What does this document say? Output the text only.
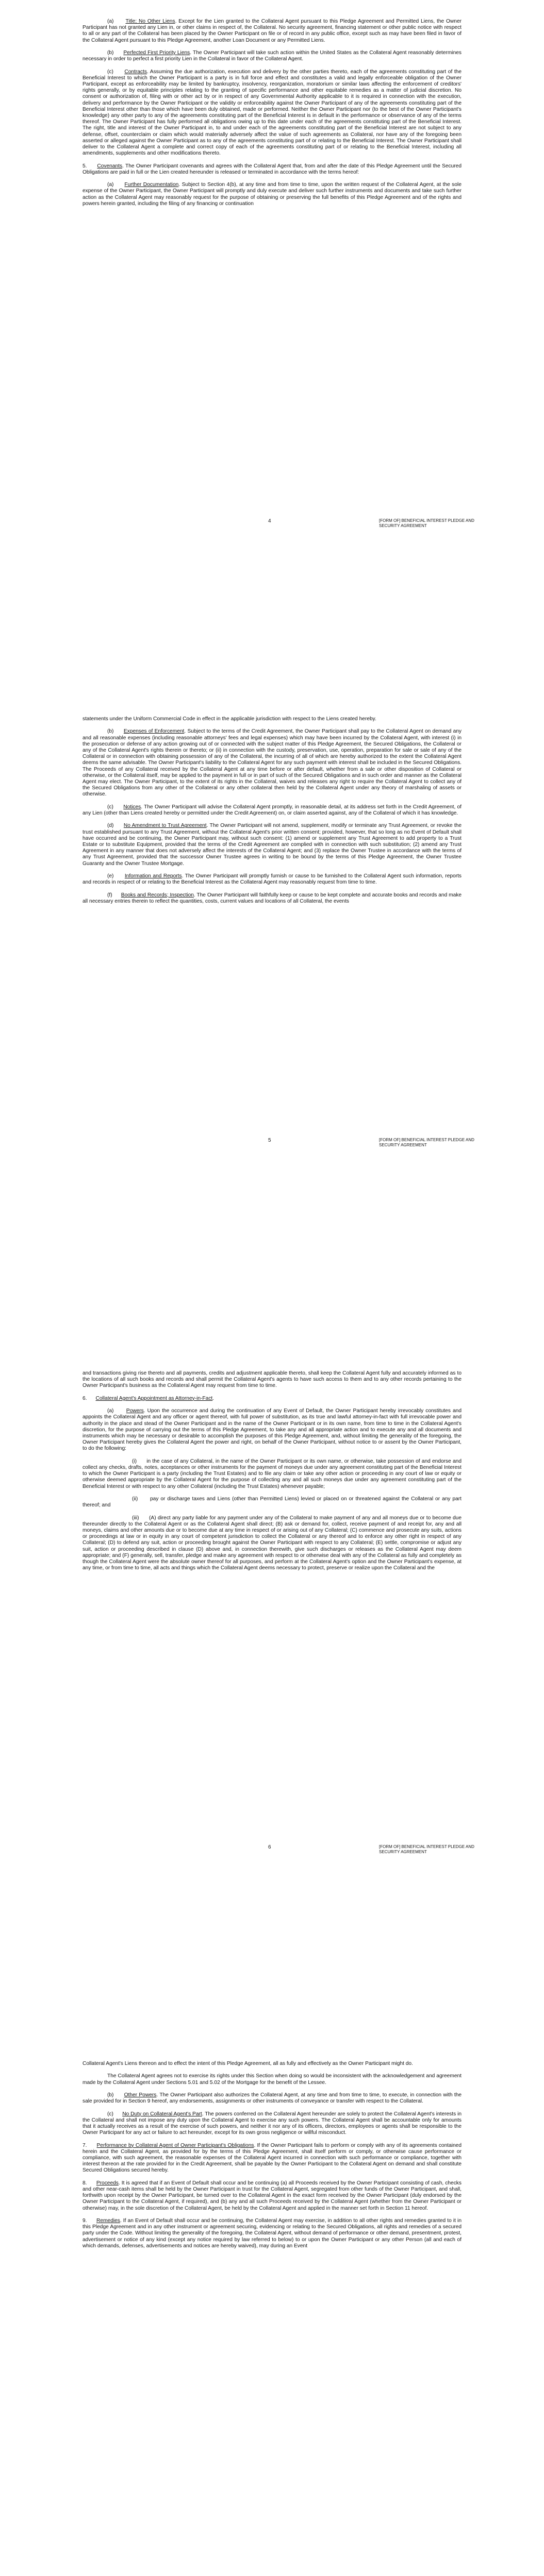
(a) Title; No Other Liens. Except for the Lien granted to the Collateral Agent pursuant to this Pledge Agreement and Permitted Liens, the Owner Participant has not granted any Lien in, or other claims in respect of, the Collateral. No security agreement, financing statement or other public notice with respect to all or any part of the Collateral has been placed by the Owner Participant on file or of record in any public office, except such as may have been filed in favor of the Collateral Agent pursuant to this Pledge Agreement, another Loan Document or any Permitted Liens.

(b) Perfected First Priority Liens. The Owner Participant will take such action within the United States as the Collateral Agent reasonably determines necessary in order to perfect a first priority Lien in the Collateral in favor of the Collateral Agent.

(c) Contracts. Assuming the due authorization, execution and delivery by the other parties thereto, each of the agreements constituting part of the Beneficial Interest to which the Owner Participant is a party is in full force and effect and constitutes a valid and legally enforceable obligation of the Owner Participant, except as enforceability may be limited by bankruptcy, insolvency, reorganization, moratorium or similar laws affecting the enforcement of creditors' rights generally, or by equitable principles relating to the granting of specific performance and other equitable remedies as a matter of judicial discretion. No consent or authorization of, filing with or other act by or in respect of any Governmental Authority applicable to it is required in connection with the execution, delivery and performance by the Owner Participant or the validity or enforceability against the Owner Participant of any of the agreements constituting part of the Beneficial Interest other than those which have been duly obtained, made or performed. Neither the Owner Participant nor (to the best of the Owner Participant's knowledge) any other party to any of the agreements constituting part of the Beneficial Interest is in default in the performance or observance of any of the terms thereof. The Owner Participant has fully performed all obligations owing up to this date under each of the agreements constituting part of the Beneficial Interest. The right, title and interest of the Owner Participant in, to and under each of the agreements constituting part of the Beneficial Interest are not subject to any defense, offset, counterclaim or claim which would materially adversely affect the value of such agreements as Collateral, nor have any of the foregoing been asserted or alleged against the Owner Participant as to any of the agreements constituting part of or relating to the Beneficial Interest. The Owner Participant shall deliver to the Collateral Agent a complete and correct copy of each of the agreements constituting part of or relating to the Beneficial Interest, including all amendments, supplements and other modifications thereto.

5. Covenants. The Owner Participant covenants and agrees with the Collateral Agent that, from and after the date of this Pledge Agreement until the Secured Obligations are paid in full or the Lien created hereunder is released or terminated in accordance with the terms hereof:

(a) Further Documentation. Subject to Section 4(b), at any time and from time to time, upon the written request of the Collateral Agent, at the sole expense of the Owner Participant, the Owner Participant will promptly and duly execute and deliver such further instruments and documents and take such further action as the Collateral Agent may reasonably request for the purpose of obtaining or preserving the full benefits of this Pledge Agreement and of the rights and powers herein granted, including the filing of any financing or continuation

4	[FORM OF] BENEFICIAL INTEREST PLEDGE AND SECURITY AGREEMENT

statements under the Uniform Commercial Code in effect in the applicable jurisdiction with respect to the Liens created hereby.

(b) Expenses of Enforcement. Subject to the terms of the Credit Agreement, the Owner Participant shall pay to the Collateral Agent on demand any and all reasonable expenses (including reasonable attorneys' fees and legal expenses) which may have been incurred by the Collateral Agent, with interest (i) in the prosecution or defense of any action growing out of or connected with the subject matter of this Pledge Agreement, the Secured Obligations, the Collateral or any of the Collateral Agent's rights therein or thereto; or (ii) in connection with the custody, preservation, use, operation, preparation for sale or sale of any of the Collateral or in connection with obtaining possession of any of the Collateral, the incurring of all of which are hereby authorized to the extent the Collateral Agent deems the same advisable. The Owner Participant's liability to the Collateral Agent for any such payment with interest shall be included in the Secured Obligations. The Proceeds of any Collateral received by the Collateral Agent at any time before or after default, whether from a sale or other disposition of Collateral or otherwise, or the Collateral itself, may be applied to the payment in full or in part of such of the Secured Obligations and in such order and manner as the Collateral Agent may elect. The Owner Participant, to the extent of its rights in the Collateral, waives and releases any right to require the Collateral Agent to collect any of the Secured Obligations from any other of the Collateral or any other collateral then held by the Collateral Agent under any theory of marshaling of assets or otherwise.

(c) Notices. The Owner Participant will advise the Collateral Agent promptly, in reasonable detail, at its address set forth in the Credit Agreement, of any Lien (other than Liens created hereby or permitted under the Credit Agreement) on, or claim asserted against, any of the Collateral of which it has knowledge.

(d) No Amendment to Trust Agreement. The Owner Participant will not amend, supplement, modify or terminate any Trust Agreement, or revoke the trust established pursuant to any Trust Agreement, without the Collateral Agent's prior written consent; provided, however, that so long as no Event of Default shall have occurred and be continuing, the Owner Participant may, without such consent: (1) amend or supplement any Trust Agreement to add property to a Trust Estate or to substitute Equipment, provided that the terms of the Credit Agreement are complied with in connection with such substitution; (2) amend any Trust Agreement in any manner that does not adversely affect the interests of the Collateral Agent; and (3) replace the Owner Trustee in accordance with the terms of any Trust Agreement, provided that the successor Owner Trustee agrees in writing to be bound by the terms of this Pledge Agreement, the Owner Trustee Guaranty and the Owner Trustee Mortgage.

(e) Information and Reports. The Owner Participant will promptly furnish or cause to be furnished to the Collateral Agent such information, reports and records in respect of or relating to the Beneficial Interest as the Collateral Agent may reasonably request from time to time.

(f) Books and Records; Inspection. The Owner Participant will faithfully keep or cause to be kept complete and accurate books and records and make all necessary entries therein to reflect the quantities, costs, current values and locations of all Collateral, the events

5	[FORM OF] BENEFICIAL INTEREST PLEDGE AND SECURITY AGREEMENT

and transactions giving rise thereto and all payments, credits and adjustment applicable thereto, shall keep the Collateral Agent fully and accurately informed as to the locations of all such books and records and shall permit the Collateral Agent's agents to have such access to them and to any other records pertaining to the Owner Participant's business as the Collateral Agent may request from time to time.

6. Collateral Agent's Appointment as Attorney-in-Fact.

(a) Powers. Upon the occurrence and during the continuation of any Event of Default, the Owner Participant hereby irrevocably constitutes and appoints the Collateral Agent and any officer or agent thereof, with full power of substitution, as its true and lawful attorney-in-fact with full irrevocable power and authority in the place and stead of the Owner Participant and in the name of the Owner Participant or in its own name, from time to time in the Collateral Agent's discretion, for the purpose of carrying out the terms of this Pledge Agreement, to take any and all appropriate action and to execute any and all documents and instruments which may be necessary or desirable to accomplish the purposes of this Pledge Agreement, and, without limiting the generality of the foregoing, the Owner Participant hereby gives the Collateral Agent the power and right, on behalf of the Owner Participant, without notice to or assent by the Owner Participant, to do the following:

(i) in the case of any Collateral, in the name of the Owner Participant or its own name, or otherwise, take possession of and endorse and collect any checks, drafts, notes, acceptances or other instruments for the payment of moneys due under any agreement constituting part of the Beneficial Interest to which the Owner Participant is a party (including the Trust Estates) and to file any claim or take any other action or proceeding in any court of law or equity or otherwise deemed appropriate by the Collateral Agent for the purpose of collecting any and all such moneys due under any agreement constituting part of the Beneficial Interest or with respect to any other Collateral (including the Trust Estates) whenever payable;

(ii) pay or discharge taxes and Liens (other than Permitted Liens) levied or placed on or threatened against the Collateral or any part thereof; and

(iii) (A) direct any party liable for any payment under any of the Collateral to make payment of any and all moneys due or to become due thereunder directly to the Collateral Agent or as the Collateral Agent shall direct; (B) ask or demand for, collect, receive payment of and receipt for, any and all moneys, claims and other amounts due or to become due at any time in respect of or arising out of any Collateral; (C) commence and prosecute any suits, actions or proceedings at law or in equity in any court of competent jurisdiction to collect the Collateral or any thereof and to enforce any other right in respect of any Collateral; (D) to defend any suit, action or proceeding brought against the Owner Participant with respect to any Collateral; (E) settle, compromise or adjust any suit, action or proceeding described in clause (D) above and, in connection therewith, give such discharges or releases as the Collateral Agent may deem appropriate; and (F) generally, sell, transfer, pledge and make any agreement with respect to or otherwise deal with any of the Collateral as fully and completely as though the Collateral Agent were the absolute owner thereof for all purposes, and perform at the Collateral Agent's option and the Owner Participant's expense, at any time, or from time to time, all acts and things which the Collateral Agent deems necessary to protect, preserve or realize upon the Collateral and the

6	[FORM OF] BENEFICIAL INTEREST PLEDGE AND SECURITY AGREEMENT

Collateral Agent's Liens thereon and to effect the intent of this Pledge Agreement, all as fully and effectively as the Owner Participant might do.

The Collateral Agent agrees not to exercise its rights under this Section when doing so would be inconsistent with the acknowledgement and agreement made by the Collateral Agent under Sections 5.01 and 5.02 of the Mortgage for the benefit of the Lessee.

(b) Other Powers. The Owner Participant also authorizes the Collateral Agent, at any time and from time to time, to execute, in connection with the sale provided for in Section 9 hereof, any endorsements, assignments or other instruments of conveyance or transfer with respect to the Collateral.

(c) No Duty on Collateral Agent's Part. The powers conferred on the Collateral Agent hereunder are solely to protect the Collateral Agent's interests in the Collateral and shall not impose any duty upon the Collateral Agent to exercise any such powers. The Collateral Agent shall be accountable only for amounts that it actually receives as a result of the exercise of such powers, and neither it nor any of its officers, directors, employees or agents shall be responsible to the Owner Participant for any act or failure to act hereunder, except for its own gross negligence or willful misconduct.

7. Performance by Collateral Agent of Owner Participant's Obligations. If the Owner Participant fails to perform or comply with any of its agreements contained herein and the Collateral Agent, as provided for by the terms of this Pledge Agreement, shall itself perform or comply, or otherwise cause performance or compliance, with such agreement, the reasonable expenses of the Collateral Agent incurred in connection with such performance or compliance, together with interest thereon at the rate provided for in the Credit Agreement, shall be payable by the Owner Participant to the Collateral Agent on demand and shall constitute Secured Obligations secured hereby.

8. Proceeds. It is agreed that if an Event of Default shall occur and be continuing (a) all Proceeds received by the Owner Participant consisting of cash, checks and other near-cash items shall be held by the Owner Participant in trust for the Collateral Agent, segregated from other funds of the Owner Participant, and shall, forthwith upon receipt by the Owner Participant, be turned over to the Collateral Agent in the exact form received by the Owner Participant (duly endorsed by the Owner Participant to the Collateral Agent, if required), and (b) any and all such Proceeds received by the Collateral Agent (whether from the Owner Participant or otherwise) may, in the sole discretion of the Collateral Agent, be held by the Collateral Agent and applied in the manner set forth in Section 11 hereof.

9. Remedies. If an Event of Default shall occur and be continuing, the Collateral Agent may exercise, in addition to all other rights and remedies granted to it in this Pledge Agreement and in any other instrument or agreement securing, evidencing or relating to the Secured Obligations, all rights and remedies of a secured party under the Code. Without limiting the generality of the foregoing, the Collateral Agent, without demand of performance or other demand, presentment, protest, advertisement or notice of any kind (except any notice required by law referred to below) to or upon the Owner Participant or any other Person (all and each of which demands, defenses, advertisements and notices are hereby waived), may during an Event
